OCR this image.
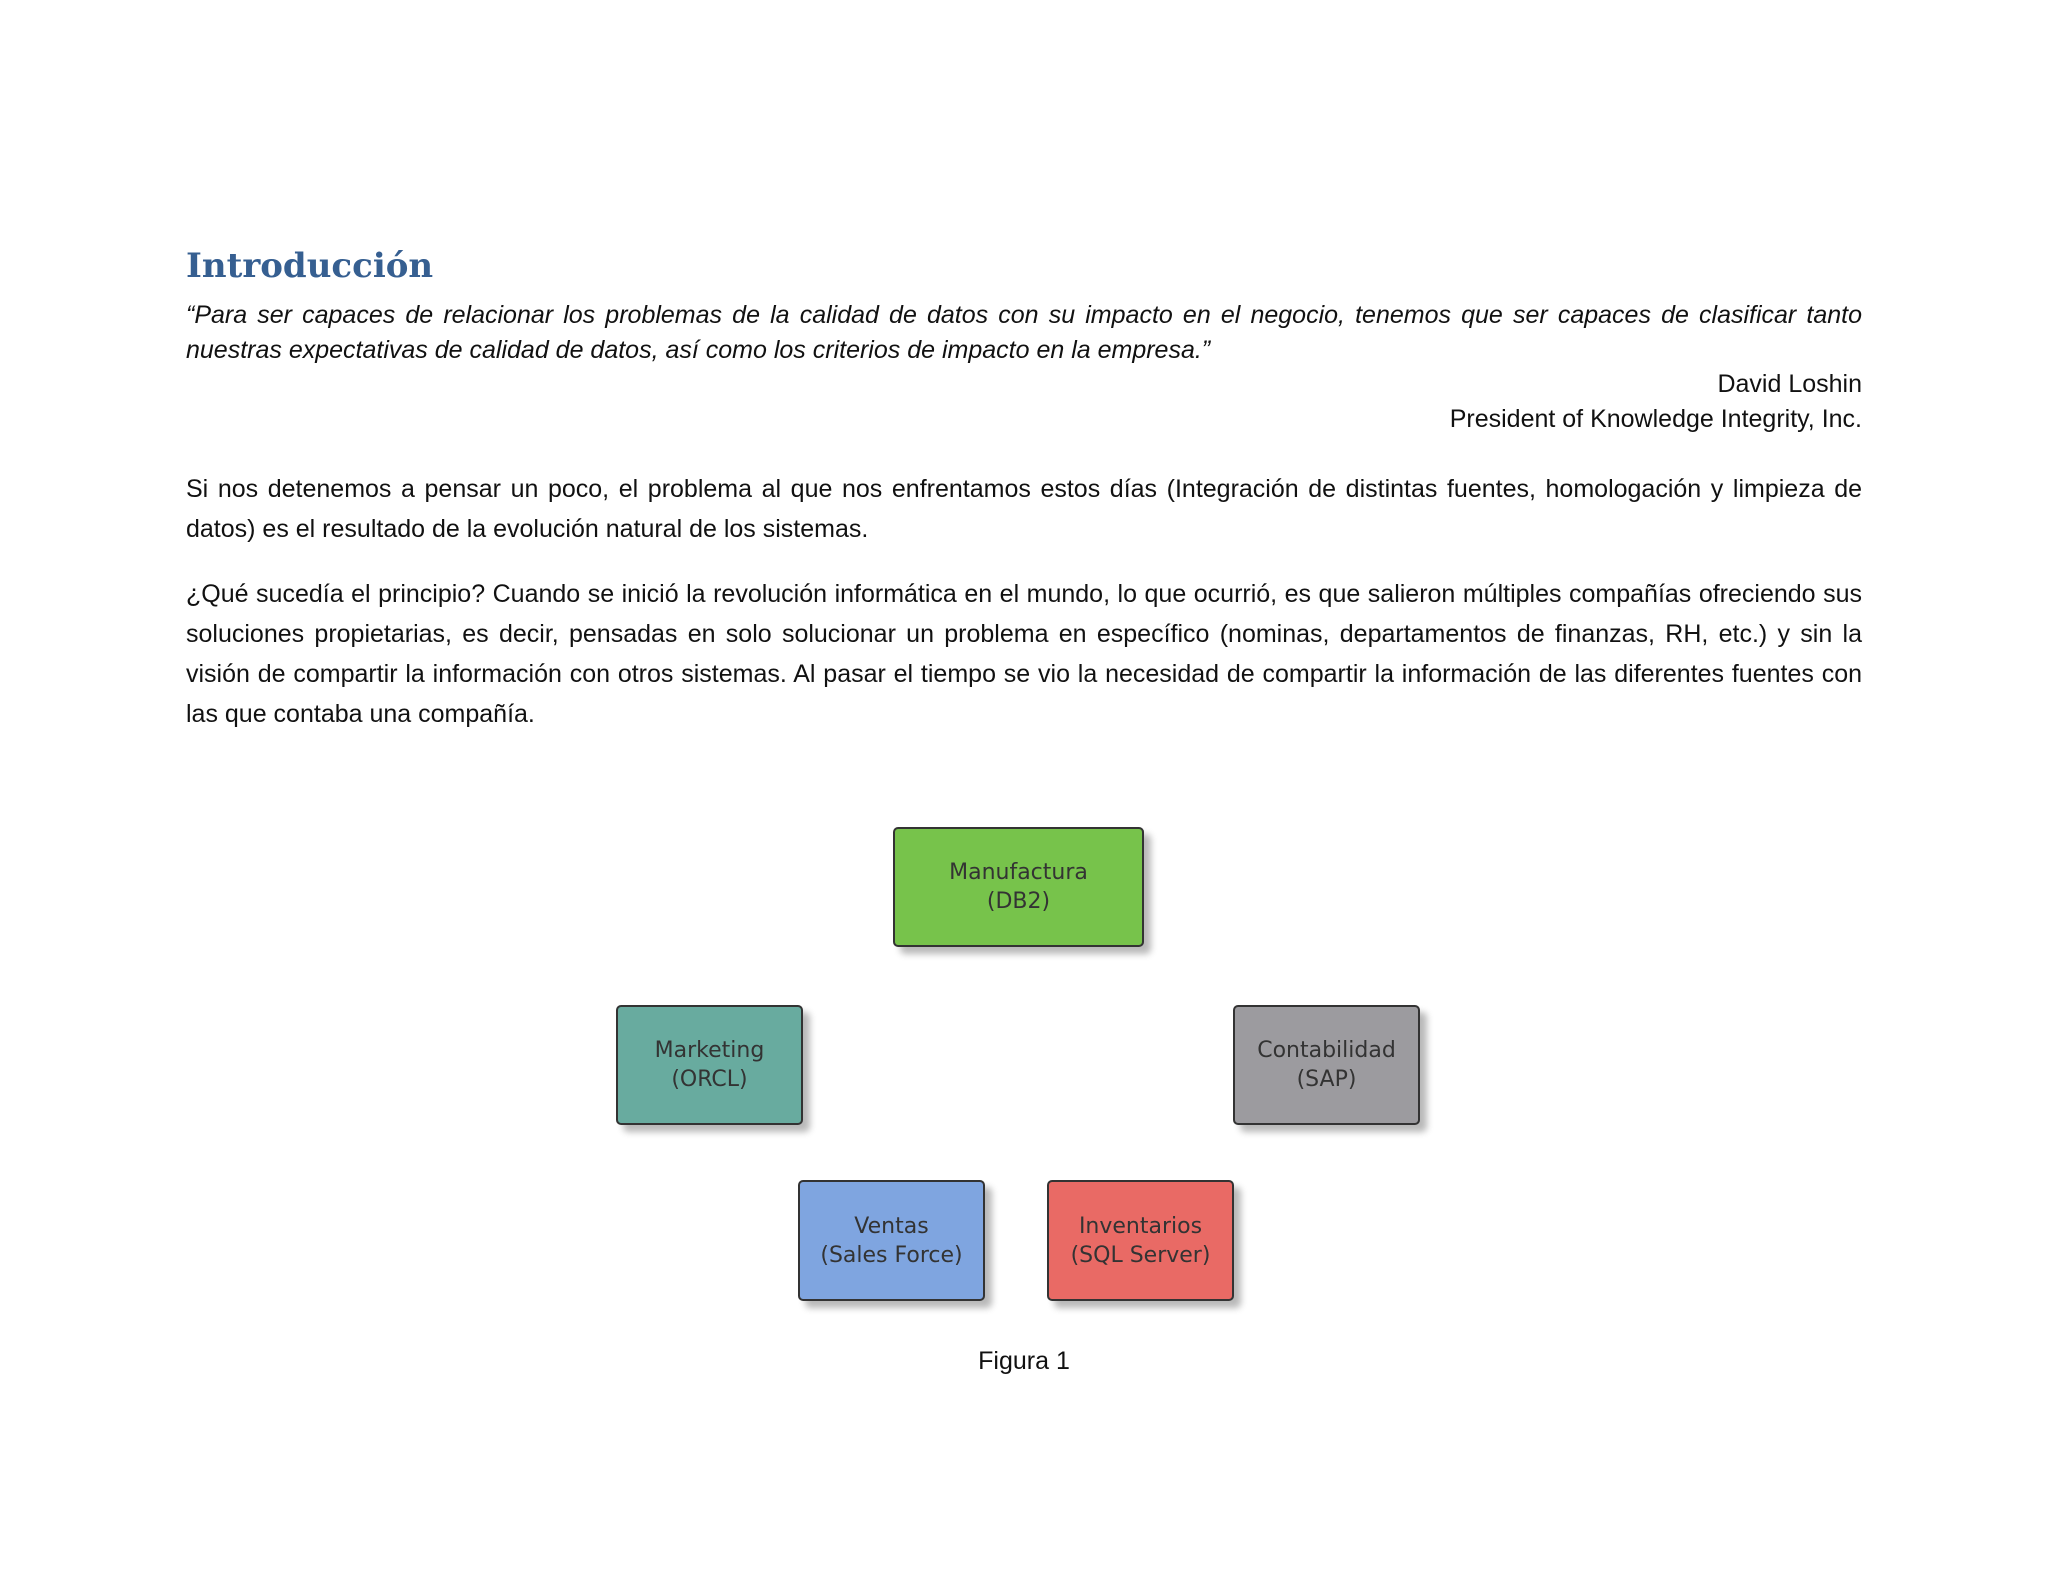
Introducción
“Para ser capaces de relacionar los problemas de la calidad de datos con su impacto en el negocio, tenemos que ser capaces de clasificar tanto nuestras expectativas de calidad de datos, así como los criterios de impacto en la empresa.”
David Loshin
President of Knowledge Integrity, Inc.

Si nos detenemos a pensar un poco, el problema al que nos enfrentamos estos días (Integración de distintas fuentes, homologación y limpieza de datos) es el resultado de la evolución natural de los sistemas.

¿Qué sucedía el principio? Cuando se inició la revolución informática en el mundo, lo que ocurrió, es que salieron múltiples compañías ofreciendo sus soluciones propietarias, es decir, pensadas en solo solucionar un problema en específico (nominas, departamentos de finanzas, RH, etc.) y sin la visión de compartir la información con otros sistemas. Al pasar el tiempo se vio la necesidad de compartir la información de las diferentes fuentes con las que contaba una compañía.

Manufactura
(DB2)
Marketing
(ORCL)
Contabilidad
(SAP)
Ventas
(Sales Force)
Inventarios
(SQL Server)
Figura 1
